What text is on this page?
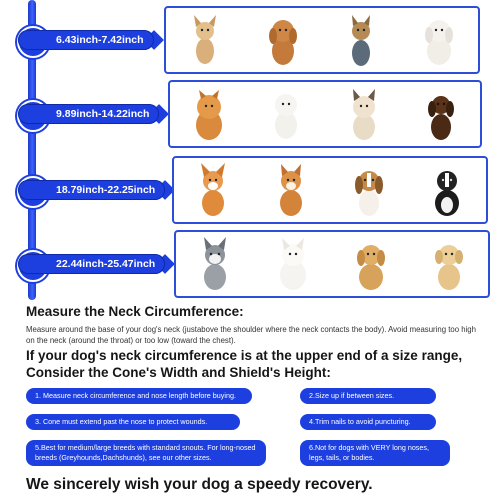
6.43inch-7.42inch
9.89inch-14.22inch
18.79inch-22.25inch
22.44inch-25.47inch
Measure the Neck Circumference:
Measure around the base of your dog's neck (justabove the shoulder where the neck contacts the body). Avoid measuring too high on the neck (around the throat) or too low (toward the chest).
If your dog's neck circumference is at the upper end of a size range, Consider the Cone's Width and Shield's Height:
1. Measure neck circumference and nose length before buying.	2.Size up if between sizes.
3. Cone must extend past the nose to protect wounds.	4.Trim nails to avoid puncturing.
5.Best for medium/large breeds with standard snouts. For long-nosed breeds (Greyhounds,Dachshunds), see our other sizes.
6.Not for dogs with VERY long noses, legs, tails, or bodies.
We sincerely wish your dog a speedy recovery.
